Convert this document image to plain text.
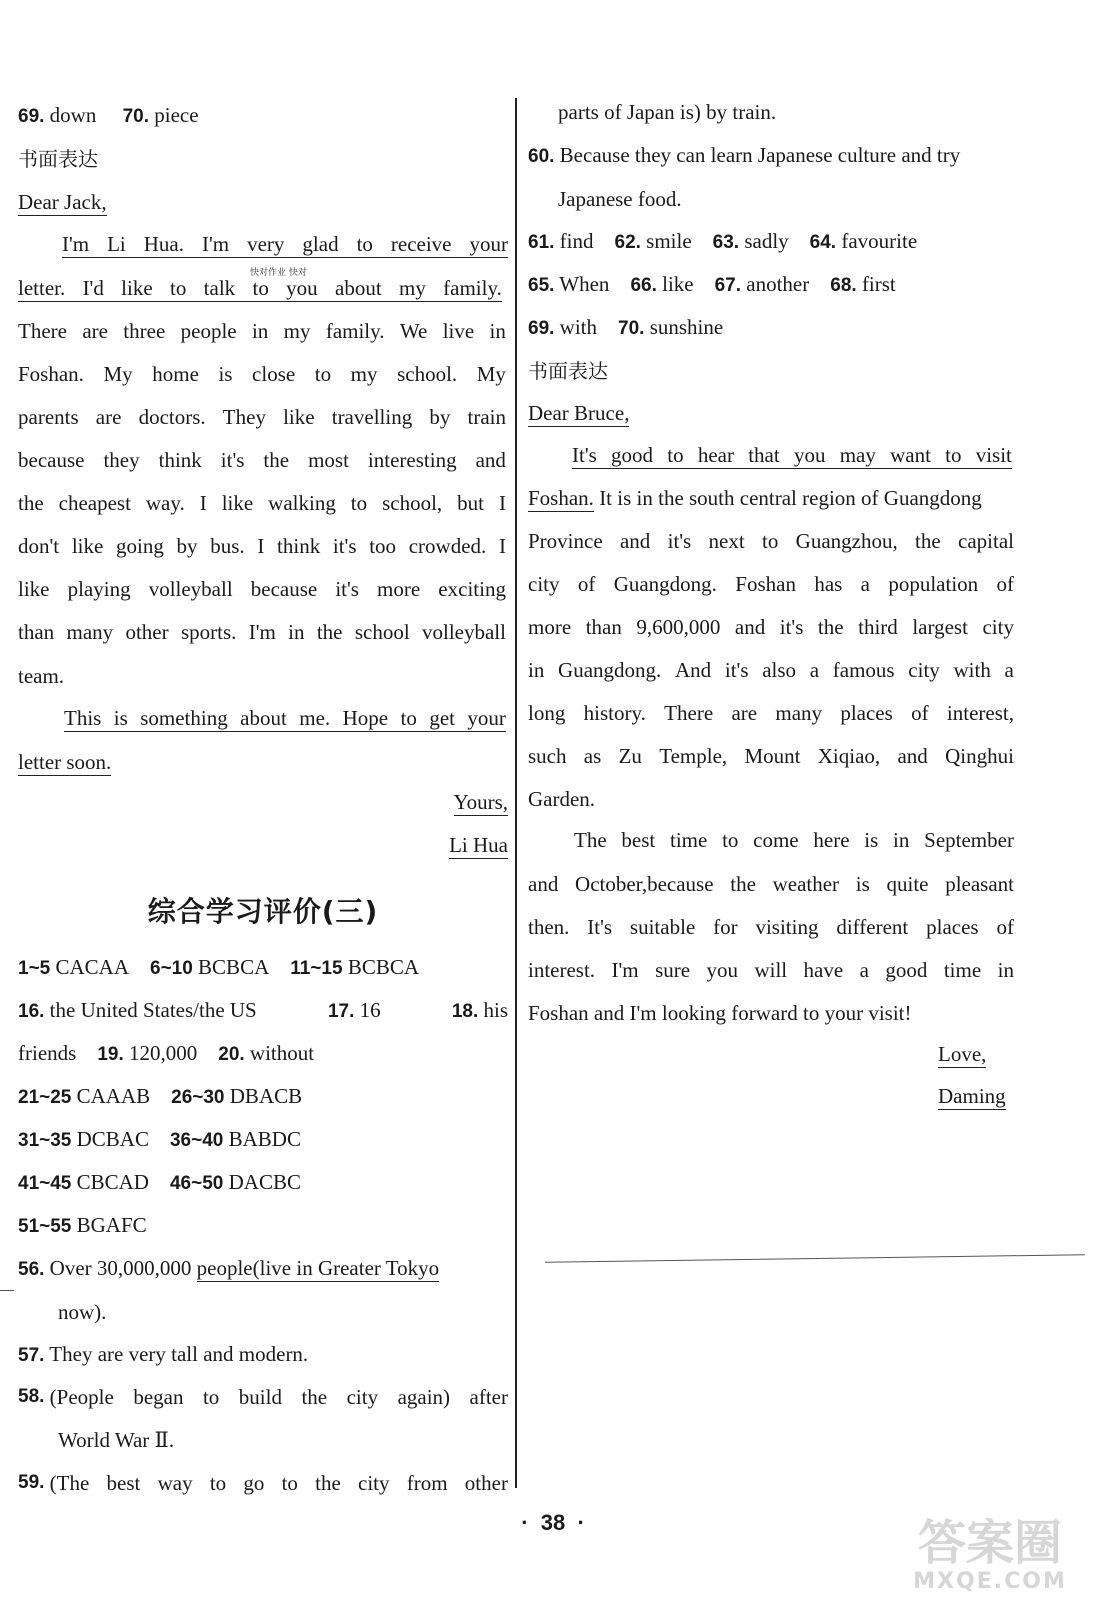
69. down 70. piece
书面表达
Dear Jack,
I'm Li Hua. I'm very glad to receive your
letter. I'd like to talk to you about my family.
There are three people in my family. We live in
Foshan. My home is close to my school. My
parents are doctors. They like travelling by train
because they think it's the most interesting and
the cheapest way. I like walking to school, but I
don't like going by bus. I think it's too crowded. I
like playing volleyball because it's more exciting
than many other sports. I'm in the school volleyball
team.
This is something about me. Hope to get your
letter soon.
Yours,
Li Hua
快对作业 快对
综合学习评价(三)
1~5 CACAA 6~10 BCBCA 11~15 BCBCA
16. the United States/the US	17. 16	18. his
friends 19. 120,000 20. without
21~25 CAAAB 26~30 DBACB
31~35 DCBAC 36~40 BABDC
41~45 CBCAD 46~50 DACBC
51~55 BGAFC
56. Over 30,000,000 people(live in Greater Tokyo
now).
57. They are very tall and modern.
58.
(People began to build the city again) after
World War Ⅱ.
59.
(The best way to go to the city from other
parts of Japan is) by train.
60. Because they can learn Japanese culture and try
Japanese food.
61. find 62. smile 63. sadly 64. favourite
65. When 66. like 67. another 68. first
69. with 70. sunshine
书面表达
Dear Bruce,
It's good to hear that you may want to visit
Foshan. It is in the south central region of Guangdong
Province and it's next to Guangzhou, the capital
city of Guangdong. Foshan has a population of
more than 9,600,000 and it's the third largest city
in Guangdong. And it's also a famous city with a
long history. There are many places of interest,
such as Zu Temple, Mount Xiqiao, and Qinghui
Garden.
The best time to come here is in September
and October,because the weather is quite pleasant
then. It's suitable for visiting different places of
interest. I'm sure you will have a good time in
Foshan and I'm looking forward to your visit!
Love,
Daming
· 38 ·	答案圈
MXQE.COM
